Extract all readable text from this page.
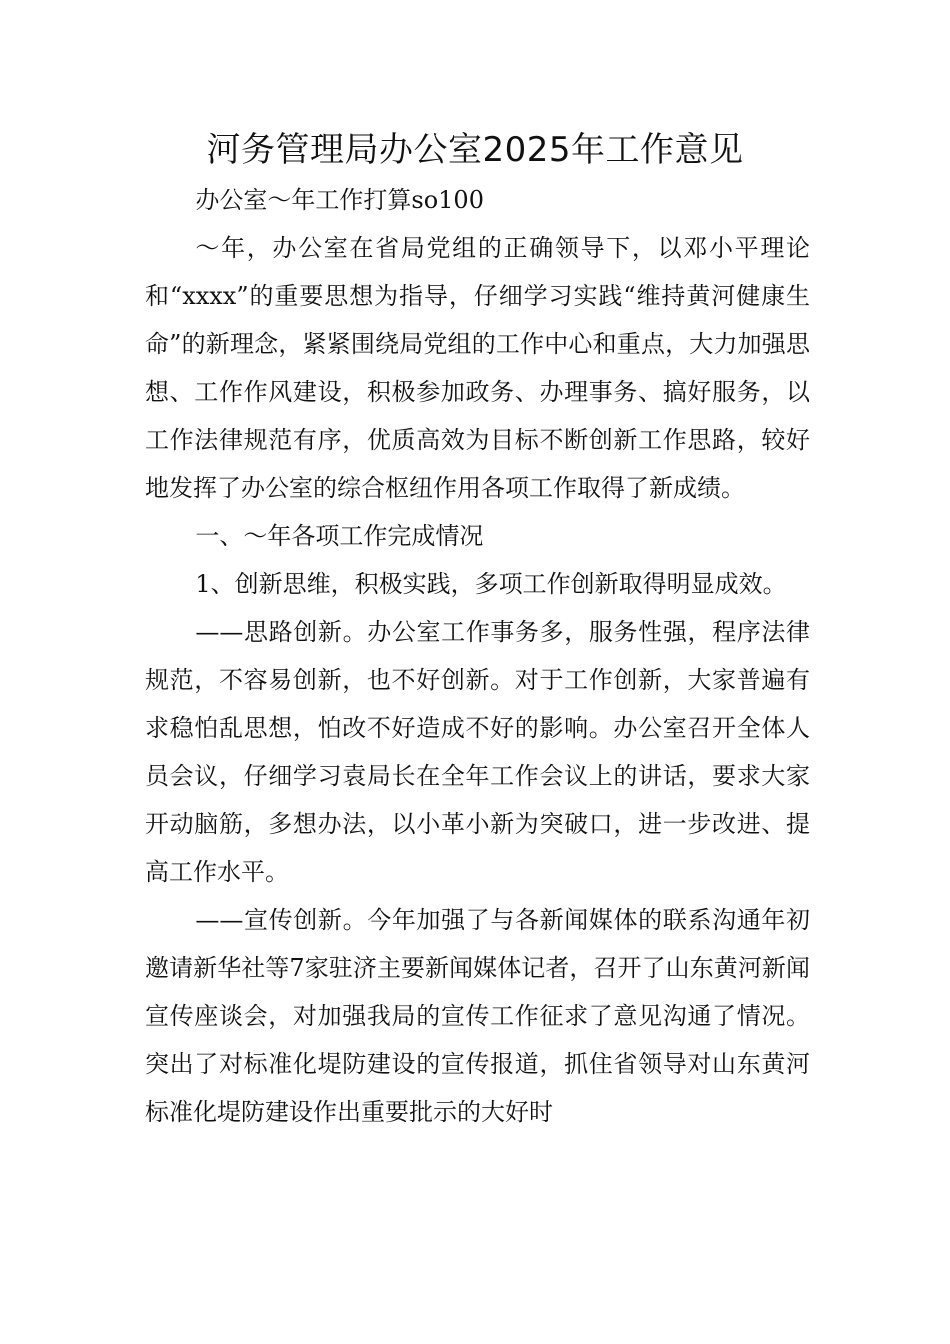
河务管理局办公室2025年工作意见

办公室～年工作打算so100

～年，办公室在省局党组的正确领导下，以邓小平理论和“xxxx”的重要思想为指导，仔细学习实践“维持黄河健康生命”的新理念，紧紧围绕局党组的工作中心和重点，大力加强思想、工作作风建设，积极参加政务、办理事务、搞好服务，以工作法律规范有序，优质高效为目标不断创新工作思路，较好地发挥了办公室的综合枢纽作用各项工作取得了新成绩。

一、～年各项工作完成情况

1、创新思维，积极实践，多项工作创新取得明显成效。

——思路创新。办公室工作事务多，服务性强，程序法律规范，不容易创新，也不好创新。对于工作创新，大家普遍有求稳怕乱思想，怕改不好造成不好的影响。办公室召开全体人员会议，仔细学习袁局长在全年工作会议上的讲话，要求大家开动脑筋，多想办法，以小革小新为突破口，进一步改进、提高工作水平。

——宣传创新。今年加强了与各新闻媒体的联系沟通年初邀请新华社等7家驻济主要新闻媒体记者，召开了山东黄河新闻宣传座谈会，对加强我局的宣传工作征求了意见沟通了情况。突出了对标准化堤防建设的宣传报道，抓住省领导对山东黄河标准化堤防建设作出重要批示的大好时
